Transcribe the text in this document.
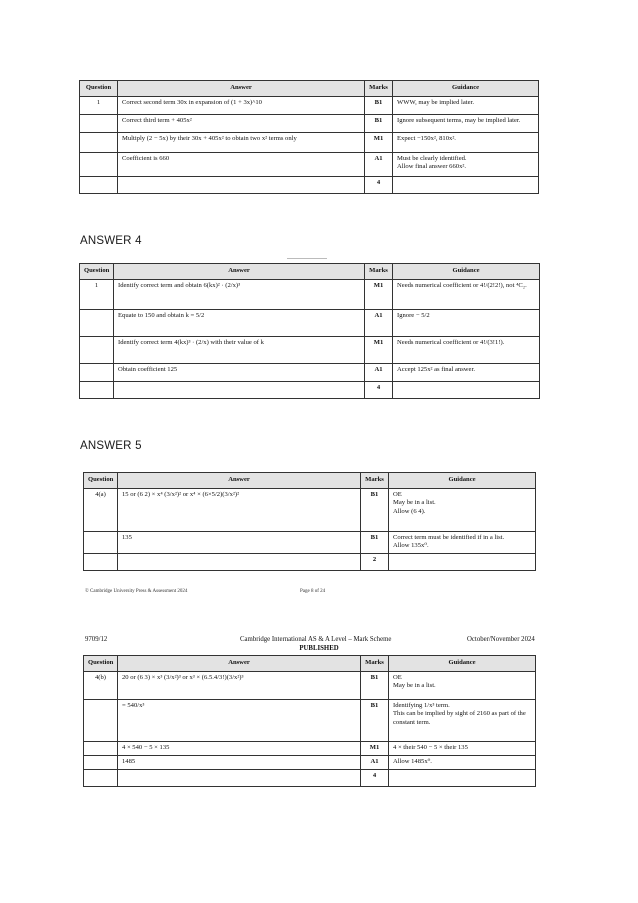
Question	Answer	Marks	Guidance
1	Correct second term 30x in expansion of (1 + 3x)^10	B1	WWW, may be implied later.
	Correct third term + 405x²	B1	Ignore subsequent terms, may be implied later.
	Multiply (2 − 5x) by their 30x + 405x² to obtain two x² terms only	M1	Expect −150x², 810x².
	Coefficient is 660	A1	Must be clearly identified.
Allow final answer 660x².

		4	
ANSWER 4
Question	Answer	Marks	Guidance
1	Identify correct term and obtain 6(kx)² · (2/x)³	M1	Needs numerical coefficient or 4!/(2!2!), not ⁴C₂.
	Equate to 150 and obtain k = 5/2	A1	Ignore − 5/2
	Identify correct term 4(kx)³ · (2/x) with their value of k	M1	Needs numerical coefficient or 4!/(3!1!).
	Obtain coefficient 125	A1	Accept 125x² as final answer.
		4	
ANSWER 5
Question	Answer	Marks	Guidance
4(a)	15 or (6 2) × x⁴ (3/x²)² or x⁴ × (6×5/2)(3/x²)²	B1	OE
May be in a list.
Allow (6 4).

	135	B1	Correct term must be identified if in a list.
Allow 135x⁰.

		2	
© Cambridge University Press & Assessment 2024	Page 8 of 24
9709/12	Cambridge International AS & A Level – Mark Scheme	October/November 2024
PUBLISHED
Question	Answer	Marks	Guidance
4(b)	20 or (6 3) × x³ (3/x²)³ or x³ × (6.5.4/3!)(3/x²)³	B1	OE
May be in a list.

	= 540/x³	B1	Identifying 1/x³ term.
This can be implied by sight of 2160 as part of the constant term.

	4 × 540 − 5 × 135	M1	4 × their 540 − 5 × their 135
	1485	A1	Allow 1485x⁰.
		4	
